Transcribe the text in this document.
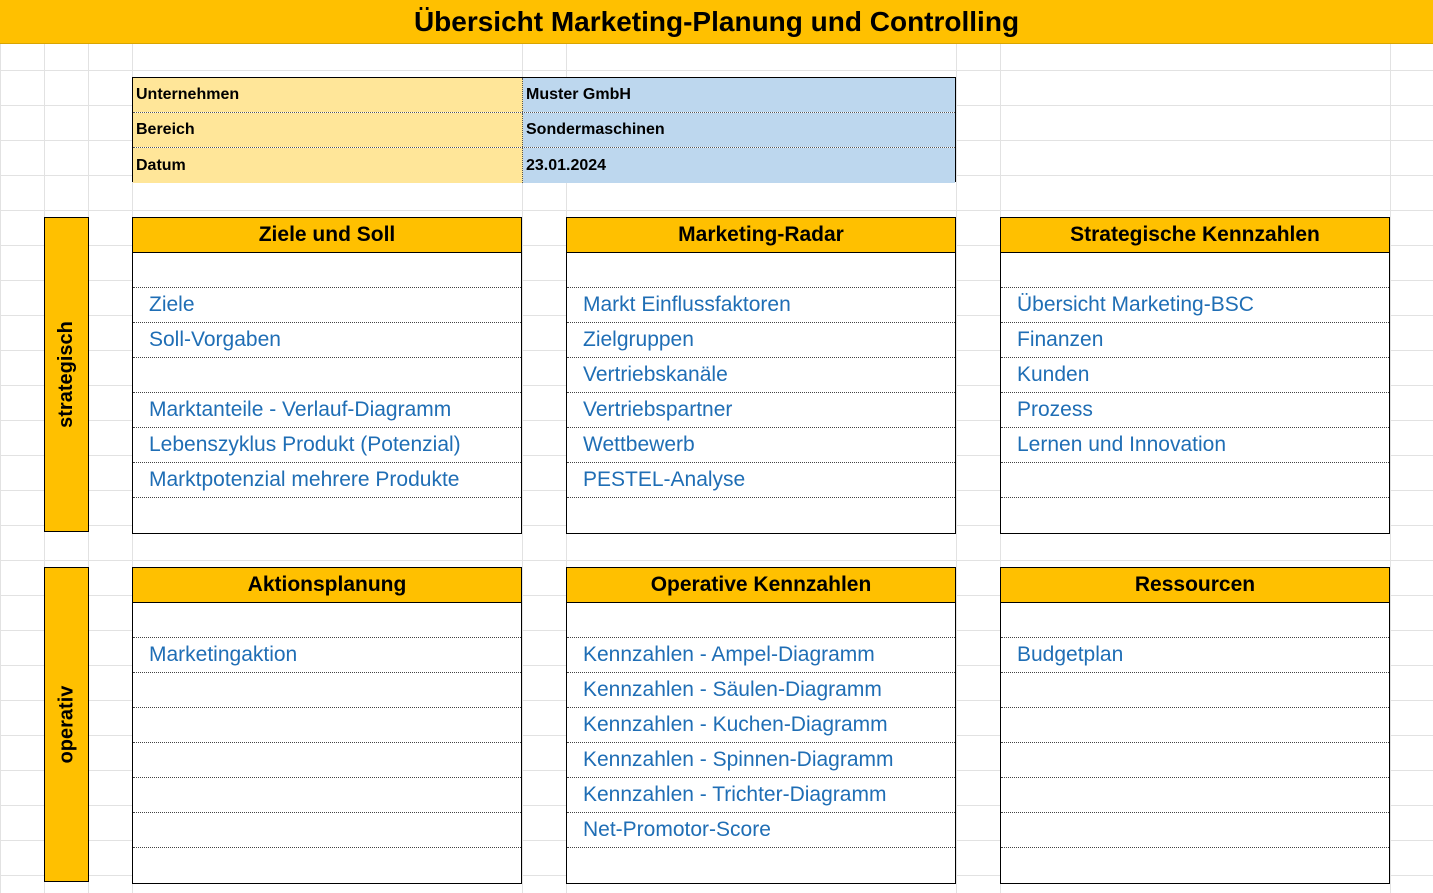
Übersicht Marketing-Planung und Controlling
Unternehmen	Muster GmbH
Bereich	Sondermaschinen
Datum	23.01.2024
strategisch
operativ
Ziele und Soll
Ziele
Soll-Vorgaben
Marktanteile - Verlauf-Diagramm
Lebenszyklus Produkt (Potenzial)
Marktpotenzial mehrere Produkte
Marketing-Radar
Markt Einflussfaktoren
Zielgruppen
Vertriebskanäle
Vertriebspartner
Wettbewerb
PESTEL-Analyse
Strategische Kennzahlen
Übersicht Marketing-BSC
Finanzen
Kunden
Prozess
Lernen und Innovation
Aktionsplanung
Marketingaktion
Operative Kennzahlen
Kennzahlen - Ampel-Diagramm
Kennzahlen - Säulen-Diagramm
Kennzahlen - Kuchen-Diagramm
Kennzahlen - Spinnen-Diagramm
Kennzahlen - Trichter-Diagramm
Net-Promotor-Score
Ressourcen
Budgetplan
